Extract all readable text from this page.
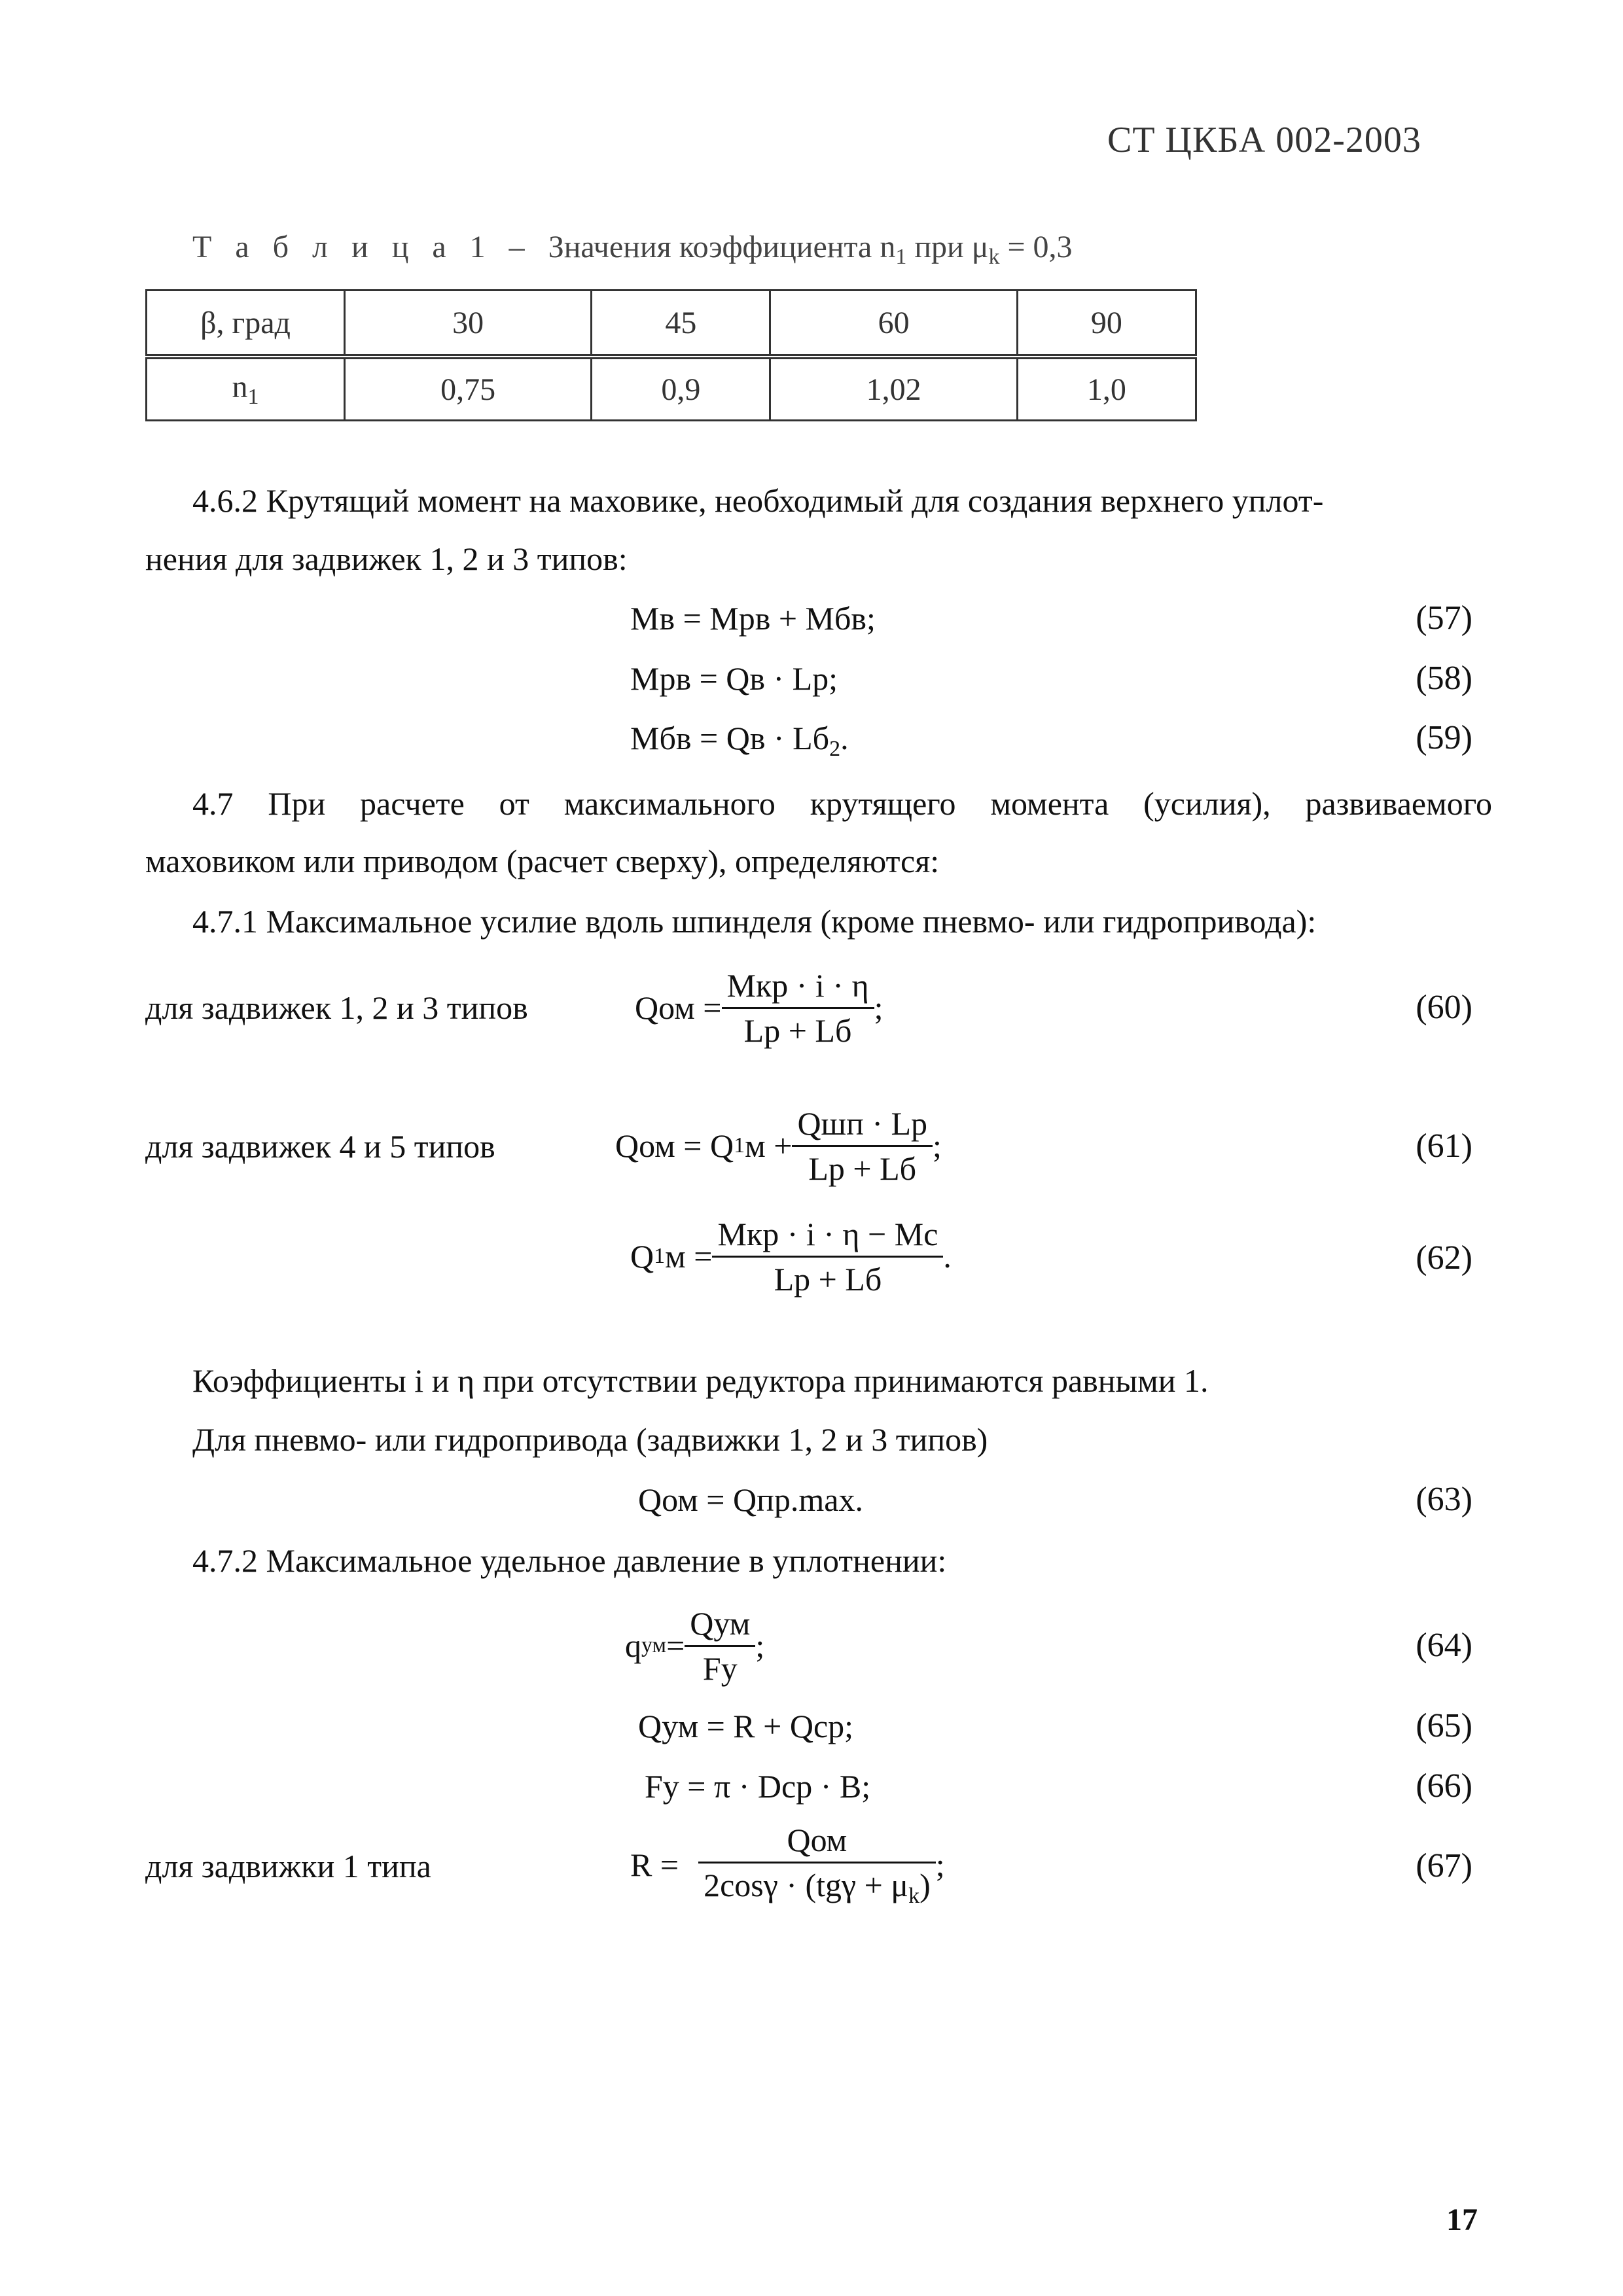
СТ ЦКБА 002-2003
Т а б л и ц а 1 – Значения коэффициента $n_1$ при $\mu_k = 0,3$
β, град	30	45	60	90
$n_1$	0,75	0,9	1,02	1,0
4.6.2 Крутящий момент на маховике, необходимый для создания верхнего уплот-
нения для задвижек 1, 2 и 3 типов:
Мв = Мрв + Мбв;	(57)
Мрв = Qв · Lр;	(58)
Мбв = Qв · $Lб_2$.	(59)
4.7 При расчете от максимального крутящего момента (усилия), развиваемого
маховиком или приводом (расчет сверху), определяются:
4.7.1 Максимальное усилие вдоль шпинделя (кроме пневмо- или гидропривода):
для задвижек 1, 2 и 3 типов	Qом = $\frac{\text{Мкр · i · η}}{Lр + Lб}$ ;	(60)
для задвижек 4 и 5 типов	Qом = Q 1 $м + \frac{\text{Qшп · Lр}}{Lр + Lб}$ ;	(61)
Q 1 $м = \frac{\text{Мкр · i · η − Мс}}{Lр + Lб}$ .	(62)
Коэффициенты i и η при отсутствии редуктора принимаются равными 1.
Для пневмо- или гидропривода (задвижки 1, 2 и 3 типов)
Qом = Qпр.max.	(63)
4.7.2 Максимальное удельное давление в уплотнении:
q ум = $\frac{\text{Qум}}{Fy}$ ;	(64)
Qум = R + Qср;	(65)
Fy = π · Dср · B;	(66)
для задвижки 1 типа	$R = \frac{\text{Qом}}{2\cos\gamma \cdot (tg\gamma + \mu_k)}$ ;	(67)
17
